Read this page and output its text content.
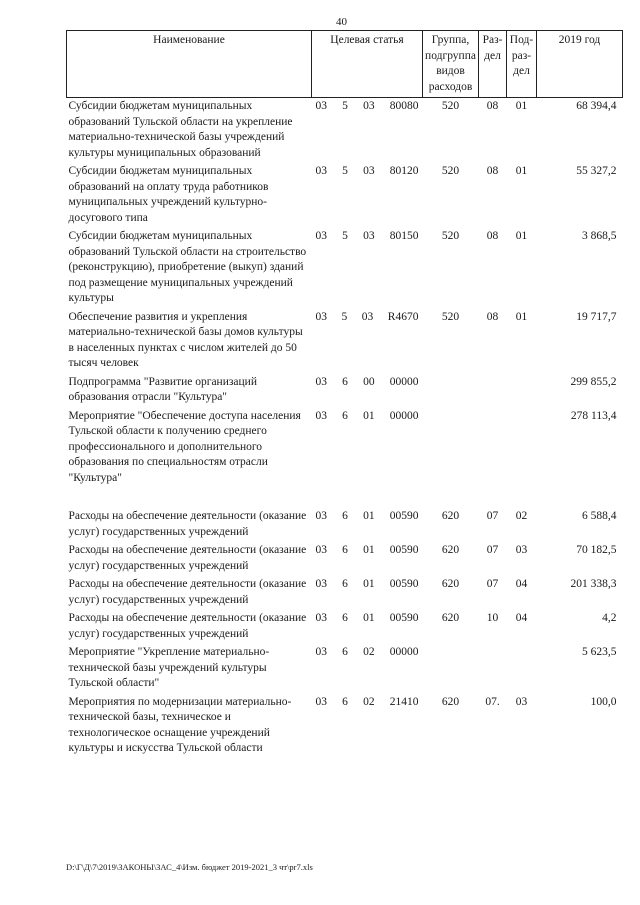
40
Наименование	Целевая статья	Группа, подгруппа видов расходов	Раз-дел	Под-раз-дел	2019 год
Субсидии бюджетам муниципальных образований Тульской области на укрепление материально-технической базы учреждений культуры муниципальных образований	03 5 03 80080	520	08	01	68 394,4
Субсидии бюджетам муниципальных образований на оплату труда работников муниципальных учреждений культурно-досугового типа	03 5 03 80120	520	08	01	55 327,2
Субсидии бюджетам муниципальных образований Тульской области на строительство (реконструкцию), приобретение (выкуп) зданий под размещение муниципальных учреждений культуры	03 5 03 80150	520	08	01	3 868,5
Обеспечение развития и укрепления материально-технической базы домов культуры в населенных пунктах с числом жителей до 50 тысяч человек	03 5 03 R4670	520	08	01	19 717,7
Подпрограмма "Развитие организаций образования отрасли "Культура"	03 6 00 00000				299 855,2
Мероприятие "Обеспечение доступа населения Тульской области к получению среднего профессионального и дополнительного образования по специальностям отрасли "Культура"	03 6 01 00000				278 113,4

Расходы на обеспечение деятельности (оказание услуг) государственных учреждений	03 6 01 00590	620	07	02	6 588,4
Расходы на обеспечение деятельности (оказание услуг) государственных учреждений	03 6 01 00590	620	07	03	70 182,5
Расходы на обеспечение деятельности (оказание услуг) государственных учреждений	03 6 01 00590	620	07	04	201 338,3
Расходы на обеспечение деятельности (оказание услуг) государственных учреждений	03 6 01 00590	620	10	04	4,2
Мероприятие "Укрепление материально-технической базы учреждений культуры Тульской области"	03 6 02 00000				5 623,5
Мероприятия по модернизации материально-технической базы, техническое и технологическое оснащение учреждений культуры и искусства Тульской области	03 6 02 21410	620	07.	03	100,0
D:\Г\Д\7\2019\ЗАКОНЫ\ЗАС_4\Изм. бюджет 2019-2021_3 чт\рr7.xls
